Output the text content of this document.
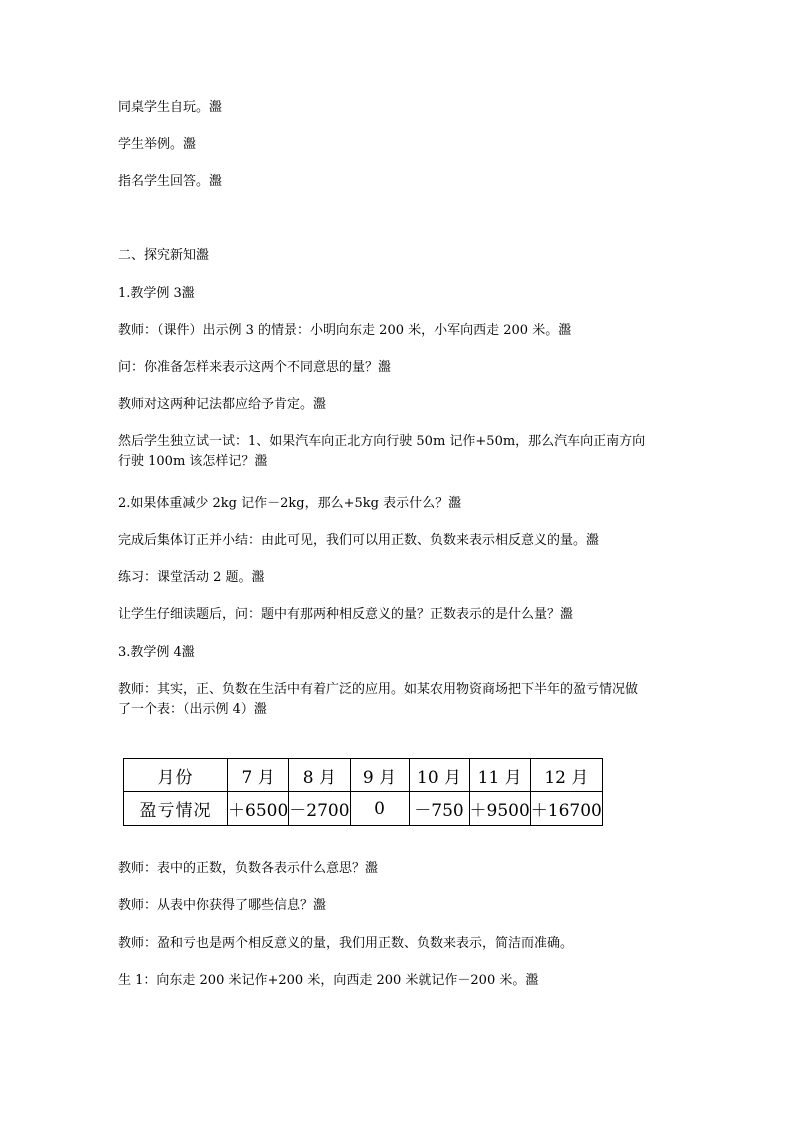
同桌学生自玩。瀊

学生举例。瀊

指名学生回答。瀊

二、探究新知瀊

1.教学例 3瀊

教师：（课件）出示例 3 的情景：小明向东走 200 米，小军向西走 200 米。瀊

问：你准备怎样来表示这两个不同意思的量？瀊

教师对这两种记法都应给予肯定。瀊

然后学生独立试一试：1、如果汽车向正北方向行驶 50m 记作+50m，那么汽车向正南方向
行驶 100m 该怎样记？瀊

2.如果体重减少 2kg 记作－2kg，那么+5kg 表示什么？瀊

完成后集体订正并小结：由此可见，我们可以用正数、负数来表示相反意义的量。瀊

练习：课堂活动 2 题。瀊

让学生仔细读题后，问：题中有那两种相反意义的量？正数表示的是什么量？瀊

3.教学例 4瀊

教师：其实，正、负数在生活中有着广泛的应用。如某农用物资商场把下半年的盈亏情况做
了一个表：（出示例 4）瀊
月份	7 月	8 月	9 月	10 月	11 月	12 月
盈亏情况	＋6500	－2700	0	－750	＋9500	＋16700

教师：表中的正数，负数各表示什么意思？瀊

教师：从表中你获得了哪些信息？瀊

教师：盈和亏也是两个相反意义的量，我们用正数、负数来表示，简洁而准确。

生 1：向东走 200 米记作+200 米，向西走 200 米就记作－200 米。瀊
